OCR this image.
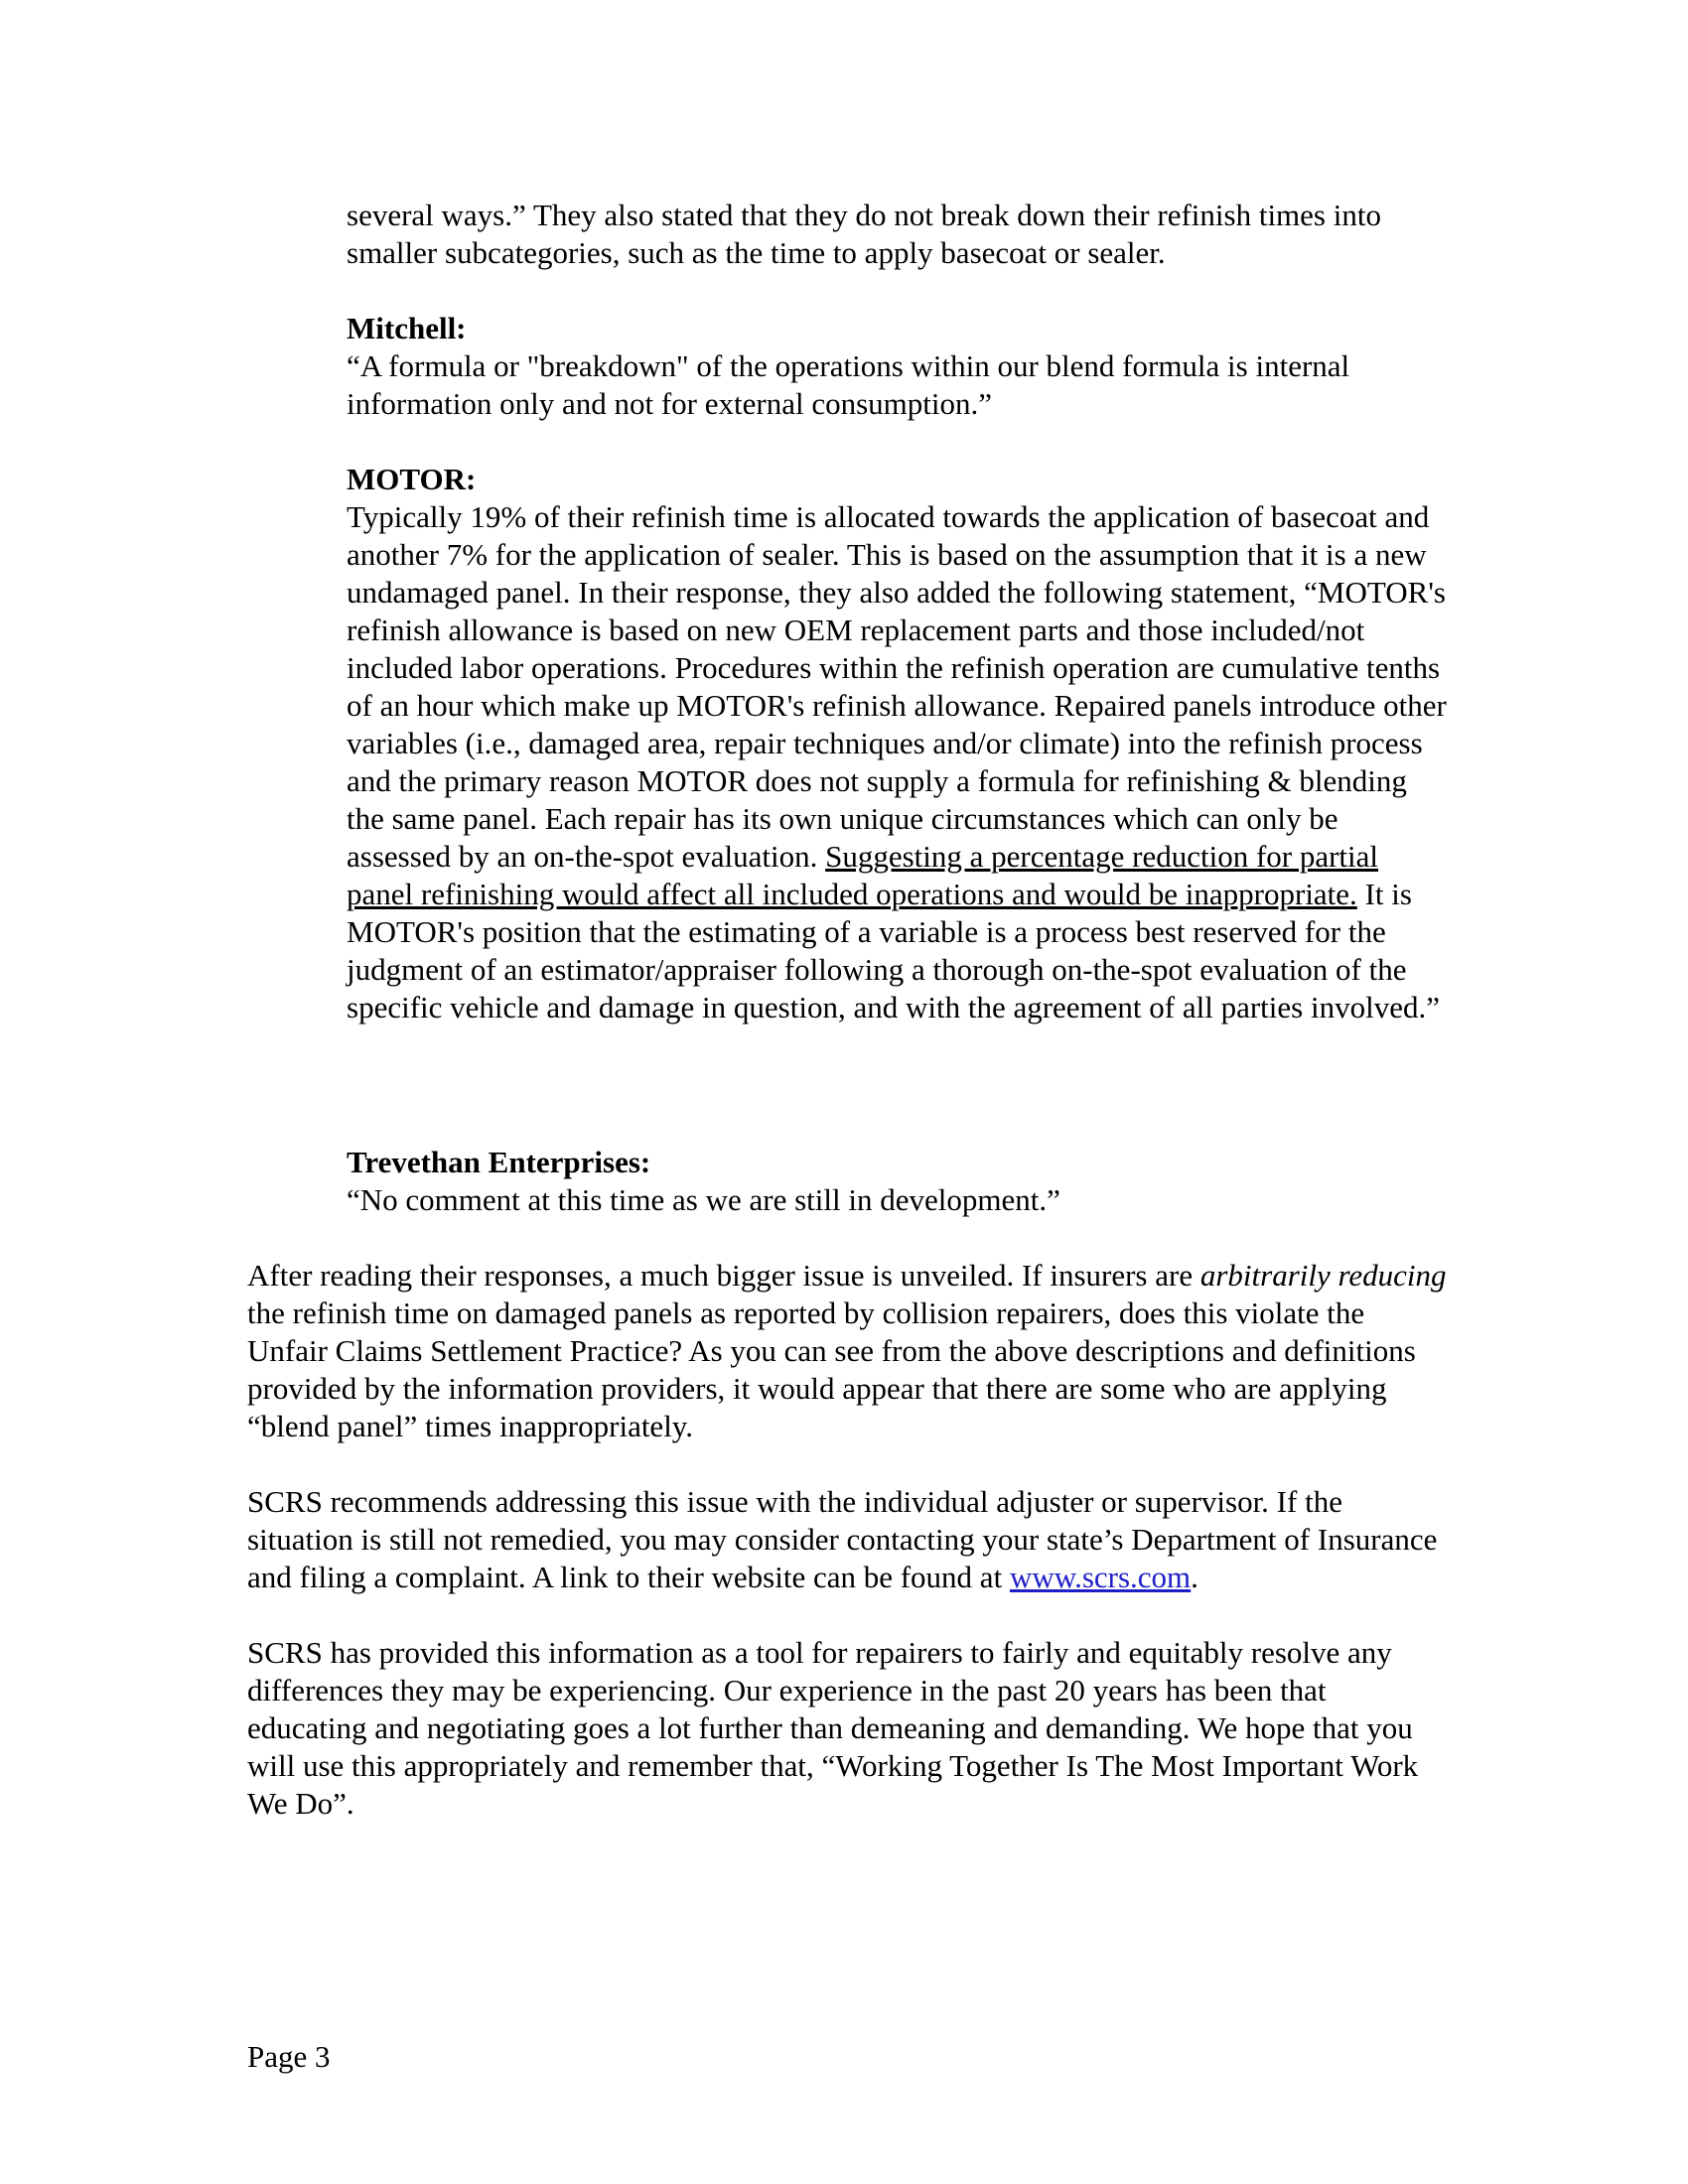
several ways.” They also stated that they do not break down their refinish times into smaller subcategories, such as the time to apply basecoat or sealer.

Mitchell:

“A formula or "breakdown" of the operations within our blend formula is internal information only and not for external consumption.”

MOTOR:

Typically 19% of their refinish time is allocated towards the application of basecoat and another 7% for the application of sealer. This is based on the assumption that it is a new undamaged panel. In their response, they also added the following statement, “MOTOR's refinish allowance is based on new OEM replacement parts and those included/not included labor operations. Procedures within the refinish operation are cumulative tenths of an hour which make up MOTOR's refinish allowance. Repaired panels introduce other variables (i.e., damaged area, repair techniques and/or climate) into the refinish process and the primary reason MOTOR does not supply a formula for refinishing & blending the same panel. Each repair has its own unique circumstances which can only be assessed by an on-the-spot evaluation. Suggesting a percentage reduction for partial panel refinishing would affect all included operations and would be inappropriate. It is MOTOR's position that the estimating of a variable is a process best reserved for the judgment of an estimator/appraiser following a thorough on-the-spot evaluation of the specific vehicle and damage in question, and with the agreement of all parties involved.”

Trevethan Enterprises:

“No comment at this time as we are still in development.”

After reading their responses, a much bigger issue is unveiled. If insurers are arbitrarily reducing the refinish time on damaged panels as reported by collision repairers, does this violate the Unfair Claims Settlement Practice? As you can see from the above descriptions and definitions provided by the information providers, it would appear that there are some who are applying “blend panel” times inappropriately.

SCRS recommends addressing this issue with the individual adjuster or supervisor. If the situation is still not remedied, you may consider contacting your state’s Department of Insurance and filing a complaint. A link to their website can be found at www.scrs.com.

SCRS has provided this information as a tool for repairers to fairly and equitably resolve any differences they may be experiencing. Our experience in the past 20 years has been that educating and negotiating goes a lot further than demeaning and demanding. We hope that you will use this appropriately and remember that, “Working Together Is The Most Important Work We Do”.

Page 3
